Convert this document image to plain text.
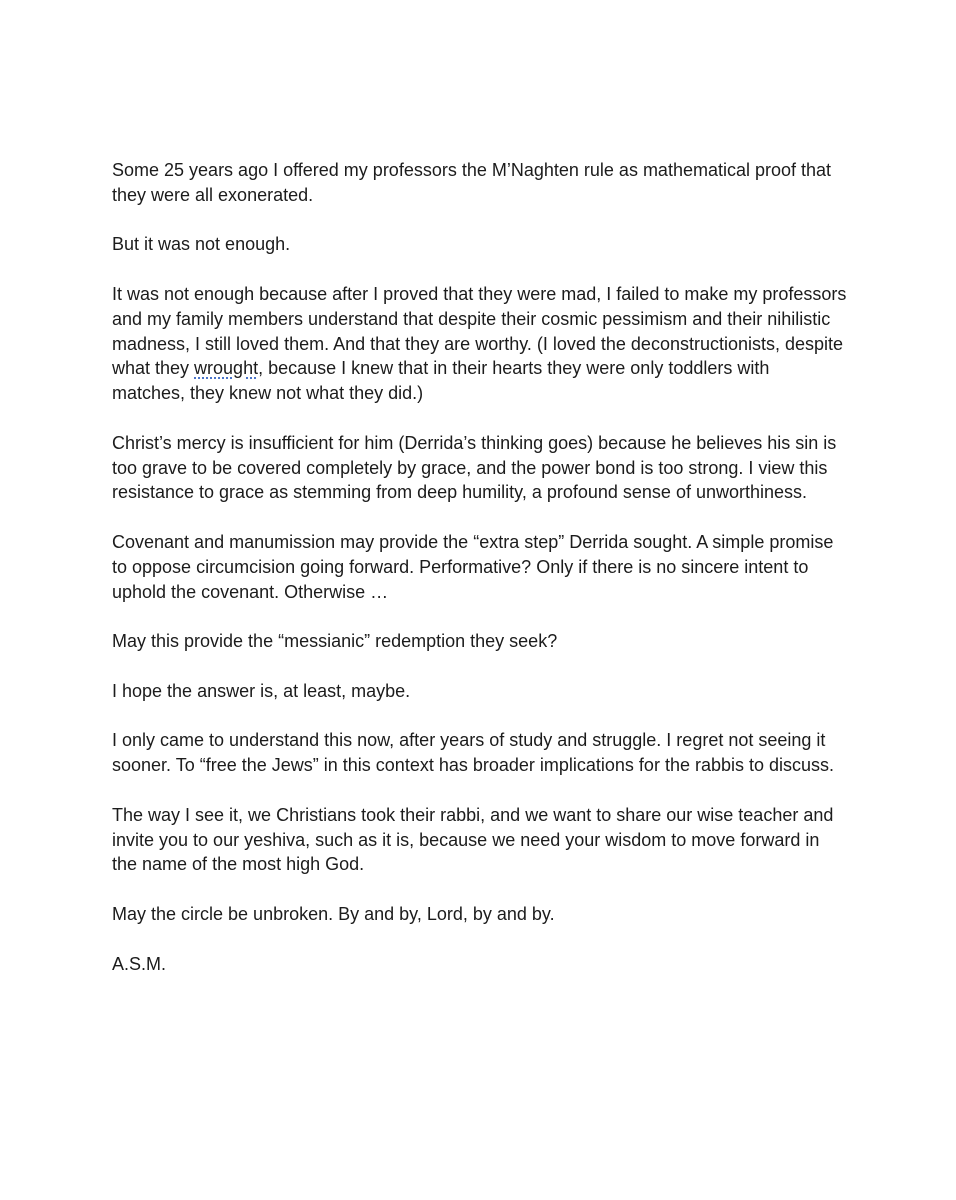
Some 25 years ago I offered my professors the M’Naghten rule as mathematical proof that they were all exonerated.

But it was not enough.

It was not enough because after I proved that they were mad, I failed to make my professors and my family members understand that despite their cosmic pessimism and their nihilistic madness, I still loved them. And that they are worthy. (I loved the deconstructionists, despite what they wrought, because I knew that in their hearts they were only toddlers with matches, they knew not what they did.)

Christ’s mercy is insufficient for him (Derrida’s thinking goes) because he believes his sin is too grave to be covered completely by grace, and the power bond is too strong. I view this resistance to grace as stemming from deep humility, a profound sense of unworthiness.

Covenant and manumission may provide the “extra step” Derrida sought. A simple promise to oppose circumcision going forward. Performative? Only if there is no sincere intent to uphold the covenant. Otherwise …

May this provide the “messianic” redemption they seek?

I hope the answer is, at least, maybe.

I only came to understand this now, after years of study and struggle. I regret not seeing it sooner. To “free the Jews” in this context has broader implications for the rabbis to discuss.

The way I see it, we Christians took their rabbi, and we want to share our wise teacher and invite you to our yeshiva, such as it is, because we need your wisdom to move forward in the name of the most high God.

May the circle be unbroken. By and by, Lord, by and by.

A.S.M.
